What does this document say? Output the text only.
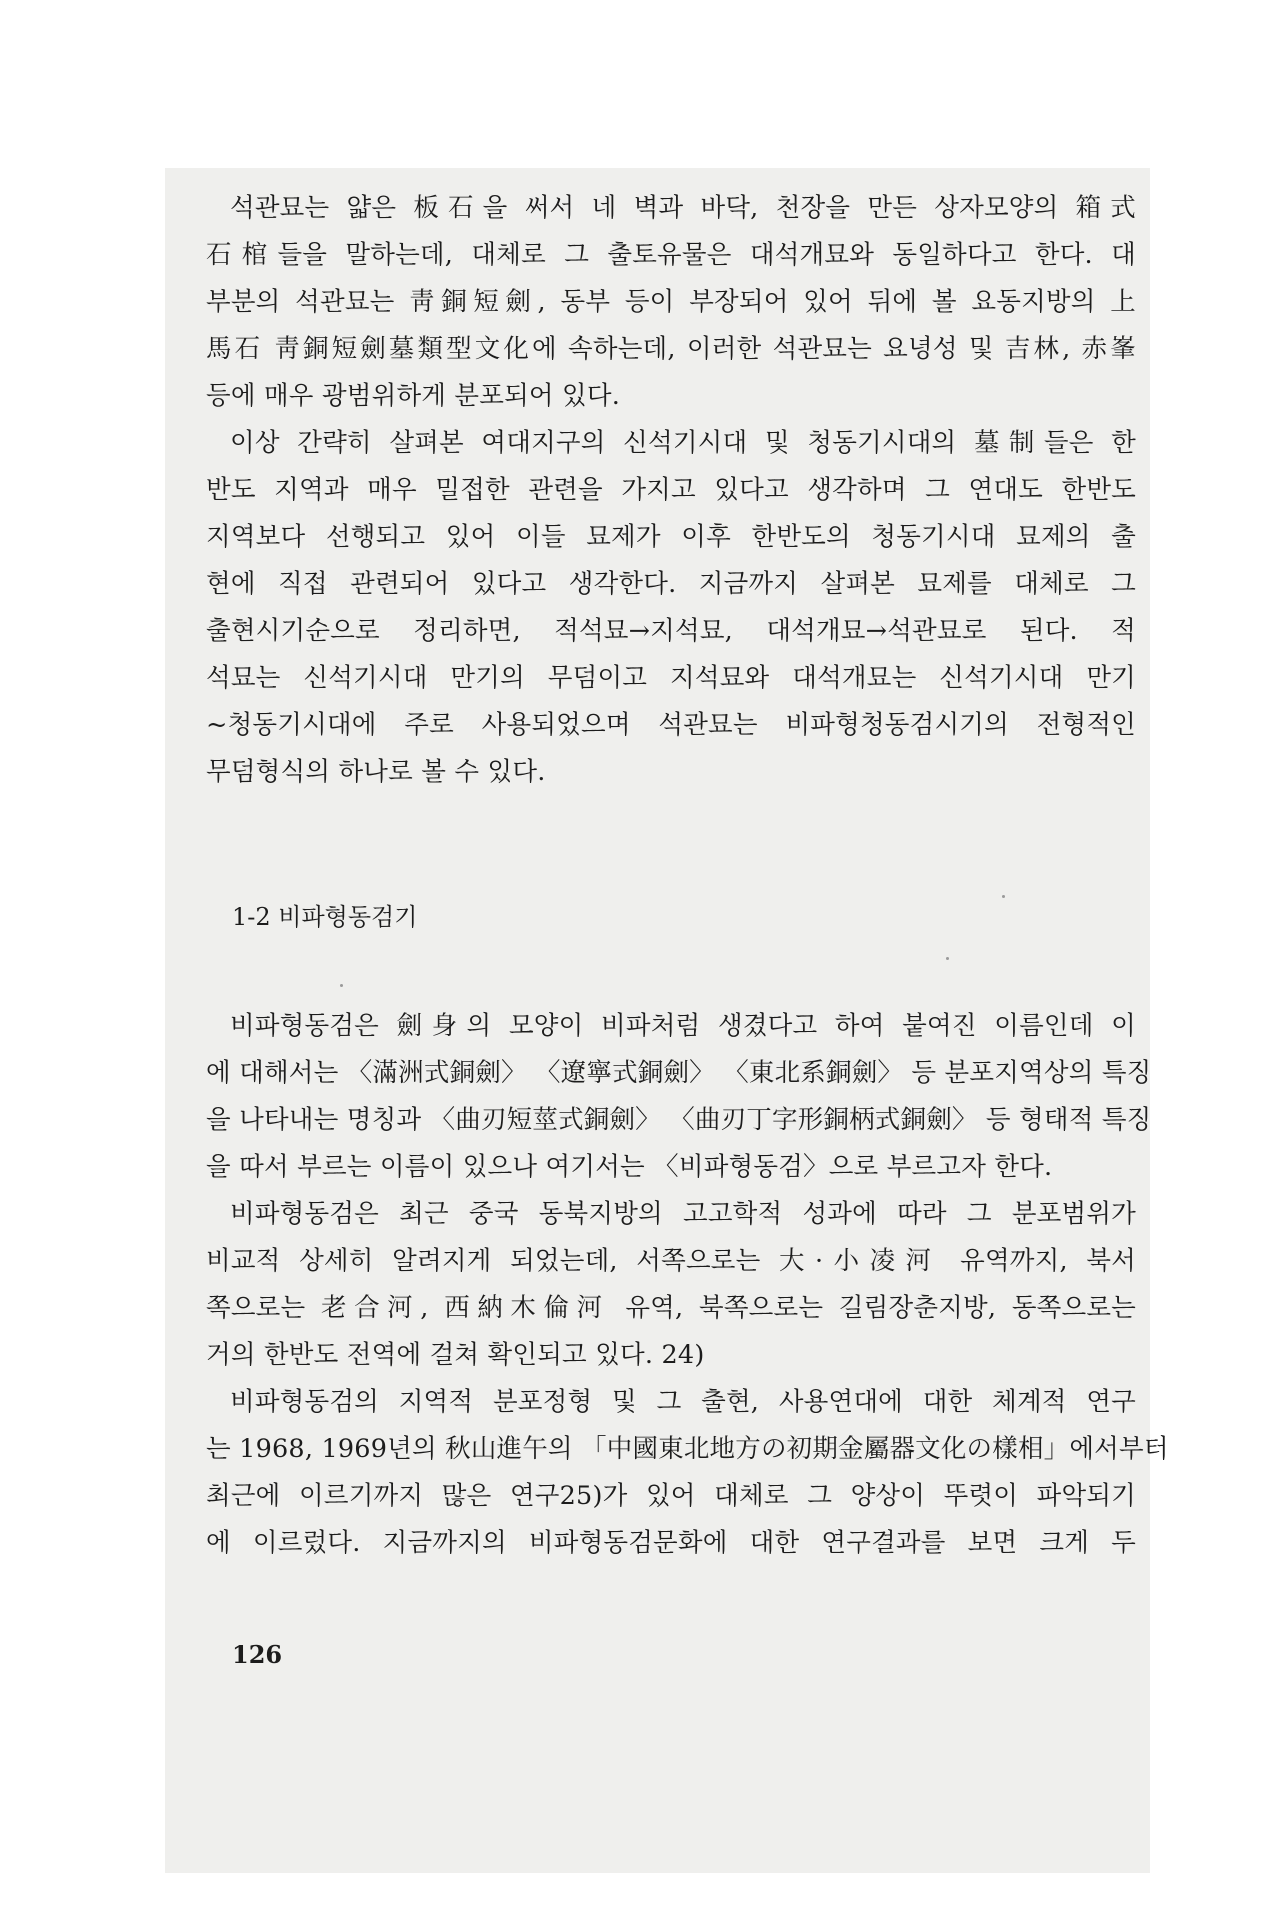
석관묘는 얇은 板石을 써서 네 벽과 바닥, 천장을 만든 상자모양의 箱式
石棺들을 말하는데, 대체로 그 출토유물은 대석개묘와 동일하다고 한다. 대
부분의 석관묘는 靑銅短劍, 동부 등이 부장되어 있어 뒤에 볼 요동지방의 上
馬石 靑銅短劍墓類型文化에 속하는데, 이러한 석관묘는 요녕성 및 吉林, 赤峯
등에 매우 광범위하게 분포되어 있다.
이상 간략히 살펴본 여대지구의 신석기시대 및 청동기시대의 墓制들은 한
반도 지역과 매우 밀접한 관련을 가지고 있다고 생각하며 그 연대도 한반도
지역보다 선행되고 있어 이들 묘제가 이후 한반도의 청동기시대 묘제의 출
현에 직접 관련되어 있다고 생각한다. 지금까지 살펴본 묘제를 대체로 그
출현시기순으로 정리하면, 적석묘→지석묘, 대석개묘→석관묘로 된다. 적
석묘는 신석기시대 만기의 무덤이고 지석묘와 대석개묘는 신석기시대 만기
~청동기시대에 주로 사용되었으며 석관묘는 비파형청동검시기의 전형적인
무덤형식의 하나로 볼 수 있다.
1-2 비파형동검기
비파형동검은 劍身의 모양이 비파처럼 생겼다고 하여 붙여진 이름인데 이
에 대해서는 〈滿洲式銅劍〉 〈遼寧式銅劍〉 〈東北系銅劍〉 등 분포지역상의 특징
을 나타내는 명칭과 〈曲刃短莖式銅劍〉 〈曲刃丁字形銅柄式銅劍〉 등 형태적 특징
을 따서 부르는 이름이 있으나 여기서는 〈비파형동검〉으로 부르고자 한다.
비파형동검은 최근 중국 동북지방의 고고학적 성과에 따라 그 분포범위가
비교적 상세히 알려지게 되었는데, 서쪽으로는 大·小凌河 유역까지, 북서
쪽으로는 老合河, 西納木倫河 유역, 북쪽으로는 길림장춘지방, 동쪽으로는
거의 한반도 전역에 걸쳐 확인되고 있다. 24)
비파형동검의 지역적 분포정형 및 그 출현, 사용연대에 대한 체계적 연구
는 1968, 1969년의 秋山進午의 「中國東北地方の初期金屬器文化の樣相」에서부터
최근에 이르기까지 많은 연구25)가 있어 대체로 그 양상이 뚜렷이 파악되기
에 이르렀다. 지금까지의 비파형동검문화에 대한 연구결과를 보면 크게 두
126
